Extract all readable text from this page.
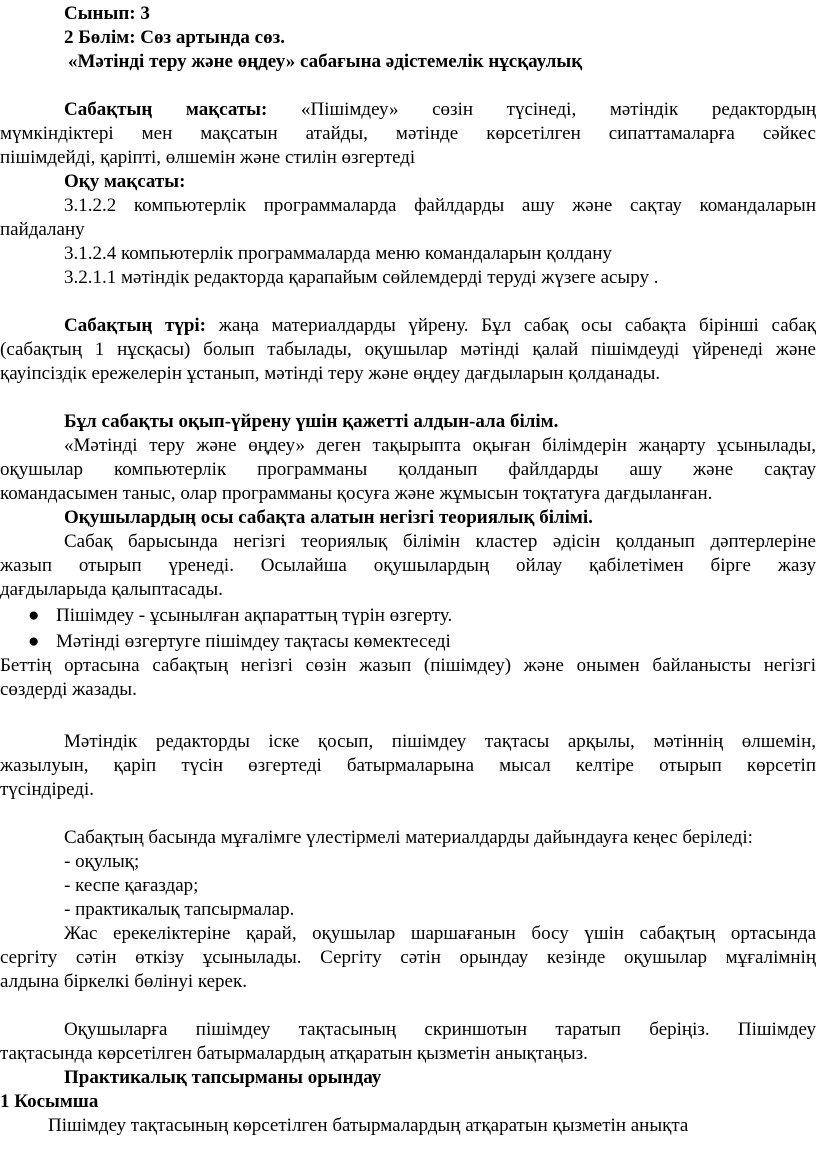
Сынып: 3
2 Бөлім: Сөз артында сөз.
«Мәтінді теру және өңдеу» сабағына әдістемелік нұсқаулық
Сабақтың мақсаты: «Пішімдеу» сөзін түсінеді, мәтіндік редактордың
мүмкіндіктері мен мақсатын атайды, мәтінде көрсетілген сипаттамаларға сәйкес
пішімдейді, қаріпті, өлшемін және стилін өзгертеді
Оқу мақсаты:
3.1.2.2 компьютерлік программаларда файлдарды ашу және сақтау командаларын
пайдалану
3.1.2.4 компьютерлік программаларда меню командаларын қолдану
3.2.1.1 мәтіндік редакторда қарапайым сөйлемдерді теруді жүзеге асыру .
Сабақтың түрі: жаңа материалдарды үйрену. Бұл сабақ осы сабақта бірінші сабақ
(сабақтың 1 нұсқасы) болып табылады, оқушылар мәтінді қалай пішімдеуді үйренеді және
қауіпсіздік ережелерін ұстанып, мәтінді теру және өңдеу дағдыларын қолданады.
Бұл сабақты оқып-үйрену үшін қажетті алдын-ала білім.
«Мәтінді теру және өңдеу» деген тақырыпта оқыған білімдерін жаңарту ұсынылады,
оқушылар компьютерлік программаны қолданып файлдарды ашу және сақтау
командасымен таныс, олар программаны қосуға және жұмысын тоқтатуға дағдыланған.
Оқушылардың осы сабақта алатын негізгі теориялық білімі.
Сабақ барысында негізгі теориялық білімін кластер әдісін қолданып дәптерлеріне
жазып отырып үренеді. Осылайша оқушылардың ойлау қабілетімен бірге жазу
дағдыларыда қалыптасады.
● Пішімдеу - ұсынылған ақпараттың түрін өзгерту.
● Мәтінді өзгертуге пішімдеу тақтасы көмектеседі
Беттің ортасына сабақтың негізгі сөзін жазып (пішімдеу) және онымен байланысты негізгі
сөздерді жазады.
Мәтіндік редакторды іске қосып, пішімдеу тақтасы арқылы, мәтіннің өлшемін,
жазылуын, қаріп түсін өзгертеді батырмаларына мысал келтіре отырып көрсетіп
түсіндіреді.
Сабақтың басында мұғалімге үлестірмелі материалдарды дайындауға кеңес беріледі:
- оқулық;
- кеспе қағаздар;
- практикалық тапсырмалар.
Жас ерекеліктеріне қарай, оқушылар шаршағанын босу үшін сабақтың ортасында
сергіту сәтін өткізу ұсынылады. Сергіту сәтін орындау кезінде оқушылар мұғалімнің
алдына біркелкі бөлінуі керек.
Оқушыларға пішімдеу тақтасының скриншотын таратып беріңіз. Пішімдеу
тақтасында көрсетілген батырмалардың атқаратын қызметін анықтаңыз.
Практикалық тапсырманы орындау
1 Косымша
Пішімдеу тақтасының көрсетілген батырмалардың атқаратын қызметін анықта
